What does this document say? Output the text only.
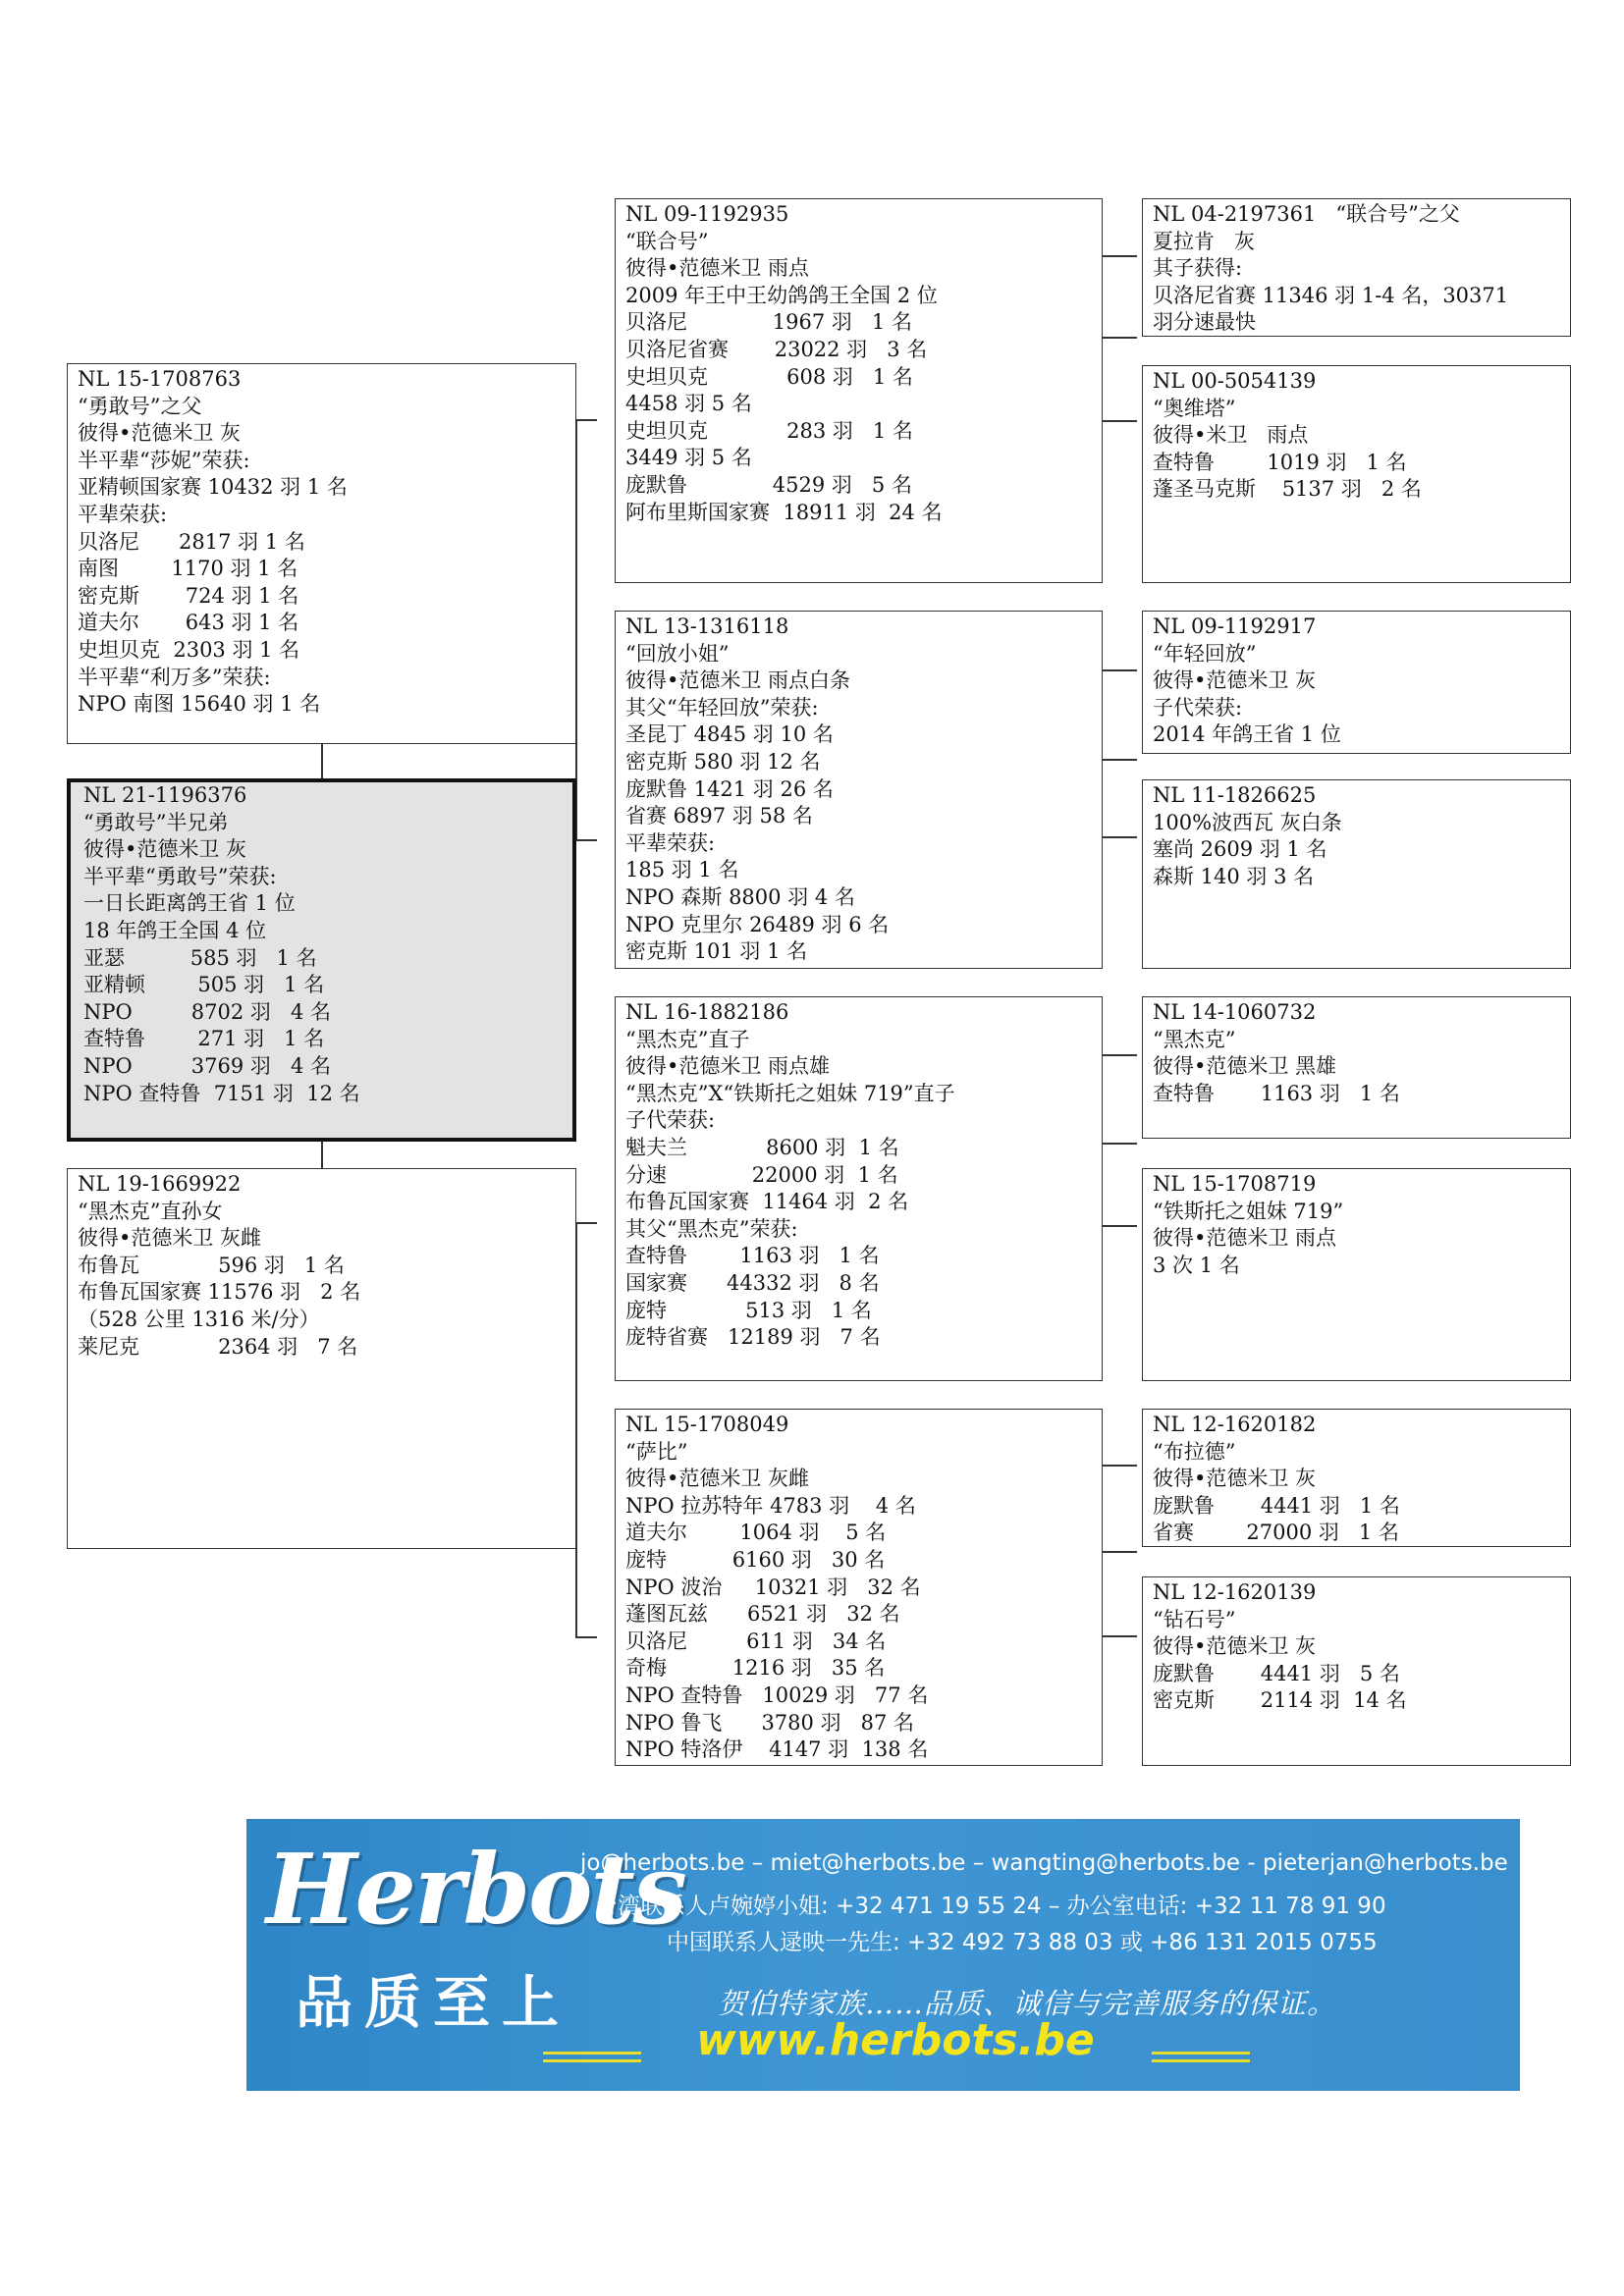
NL 15-1708763
“勇敢号”之父
彼得•范德米卫 灰
半平辈“莎妮”荣获:
亚精顿国家赛 10432 羽 1 名
平辈荣获:
贝洛尼      2817 羽 1 名
南图        1170 羽 1 名
密克斯       724 羽 1 名
道夫尔       643 羽 1 名
史坦贝克  2303 羽 1 名
半平辈“利万多”荣获:
NPO 南图 15640 羽 1 名
NL 21-1196376
“勇敢号”半兄弟
彼得•范德米卫 灰
半平辈“勇敢号”荣获:
一日长距离鸽王省 1 位
18 年鸽王全国 4 位
亚瑟          585 羽   1 名
亚精顿        505 羽   1 名
NPO         8702 羽   4 名
查特鲁        271 羽   1 名
NPO         3769 羽   4 名
NPO 查特鲁  7151 羽  12 名
NL 19-1669922
“黑杰克”直孙女
彼得•范德米卫 灰雌
布鲁瓦            596 羽   1 名
布鲁瓦国家赛 11576 羽   2 名
（528 公里 1316 米/分）
莱尼克            2364 羽   7 名
NL 09-1192935
“联合号”
彼得•范德米卫 雨点
2009 年王中王幼鸽鸽王全国 2 位
贝洛尼             1967 羽   1 名
贝洛尼省赛       23022 羽   3 名
史坦贝克            608 羽   1 名
4458 羽 5 名
史坦贝克            283 羽   1 名
3449 羽 5 名
庞默鲁             4529 羽   5 名
阿布里斯国家赛  18911 羽  24 名
NL 13-1316118
“回放小姐”
彼得•范德米卫 雨点白条
其父“年轻回放”荣获:
圣昆丁 4845 羽 10 名
密克斯 580 羽 12 名
庞默鲁 1421 羽 26 名
省赛 6897 羽 58 名
平辈荣获:
185 羽 1 名
NPO 森斯 8800 羽 4 名
NPO 克里尔 26489 羽 6 名
密克斯 101 羽 1 名
NL 16-1882186
“黑杰克”直子
彼得•范德米卫 雨点雄
“黑杰克”X“铁斯托之姐妹 719”直子
子代荣获:
魁夫兰            8600 羽  1 名
分速             22000 羽  1 名
布鲁瓦国家赛  11464 羽  2 名
其父“黑杰克”荣获:
查特鲁        1163 羽   1 名
国家赛      44332 羽   8 名
庞特            513 羽   1 名
庞特省赛   12189 羽   7 名
NL 15-1708049
“萨比”
彼得•范德米卫 灰雌
NPO 拉苏特年 4783 羽    4 名
道夫尔        1064 羽    5 名
庞特          6160 羽   30 名
NPO 波治     10321 羽   32 名
蓬图瓦兹      6521 羽   32 名
贝洛尼         611 羽   34 名
奇梅          1216 羽   35 名
NPO 查特鲁   10029 羽   77 名
NPO 鲁飞      3780 羽   87 名
NPO 特洛伊    4147 羽  138 名
NL 04-2197361   “联合号”之父
夏拉肯   灰
其子获得:
贝洛尼省赛 11346 羽 1-4 名，30371
羽分速最快
NL 00-5054139
“奥维塔”
彼得•米卫   雨点
查特鲁        1019 羽   1 名
蓬圣马克斯    5137 羽   2 名
NL 09-1192917
“年轻回放”
彼得•范德米卫 灰
子代荣获:
2014 年鸽王省 1 位
NL 11-1826625
100%波西瓦 灰白条
塞尚 2609 羽 1 名
森斯 140 羽 3 名
NL 14-1060732
“黑杰克”
彼得•范德米卫 黑雄
查特鲁       1163 羽   1 名
NL 15-1708719
“铁斯托之姐妹 719”
彼得•范德米卫 雨点
3 次 1 名
NL 12-1620182
“布拉德”
彼得•范德米卫 灰
庞默鲁       4441 羽   1 名
省赛        27000 羽   1 名
NL 12-1620139
“钻石号”
彼得•范德米卫 灰
庞默鲁       4441 羽   5 名
密克斯       2114 羽  14 名
Herbots
品质至上
jo@herbots.be – miet@herbots.be – wangting@herbots.be - pieterjan@herbots.be
台湾联系人卢婉婷小姐: +32 471 19 55 24 – 办公室电话: +32 11 78 91 90
中国联系人逯映一先生: +32 492 73 88 03 或 +86 131 2015 0755
贺伯特家族……品质、诚信与完善服务的保证。
www.herbots.be
